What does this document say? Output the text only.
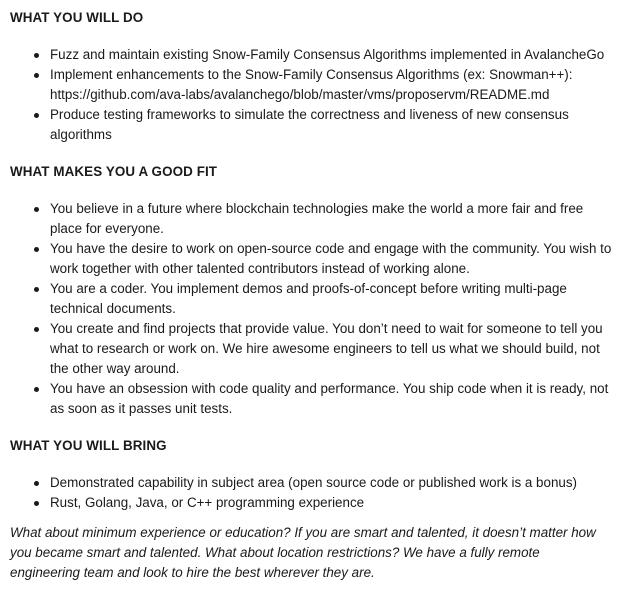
WHAT YOU WILL DO
Fuzz and maintain existing Snow-Family Consensus Algorithms implemented in AvalancheGo
Implement enhancements to the Snow-Family Consensus Algorithms (ex: Snowman++): https://github.com/ava-labs/avalanchego/blob/master/vms/proposervm/README.md
Produce testing frameworks to simulate the correctness and liveness of new consensus algorithms
WHAT MAKES YOU A GOOD FIT
You believe in a future where blockchain technologies make the world a more fair and free place for everyone.
You have the desire to work on open-source code and engage with the community. You wish to work together with other talented contributors instead of working alone.
You are a coder. You implement demos and proofs-of-concept before writing multi-page technical documents.
You create and find projects that provide value. You don’t need to wait for someone to tell you what to research or work on. We hire awesome engineers to tell us what we should build, not the other way around.
You have an obsession with code quality and performance. You ship code when it is ready, not as soon as it passes unit tests.
WHAT YOU WILL BRING
Demonstrated capability in subject area (open source code or published work is a bonus)
Rust, Golang, Java, or C++ programming experience

What about minimum experience or education? If you are smart and talented, it doesn’t matter how you became smart and talented. What about location restrictions? We have a fully remote engineering team and look to hire the best wherever they are.
